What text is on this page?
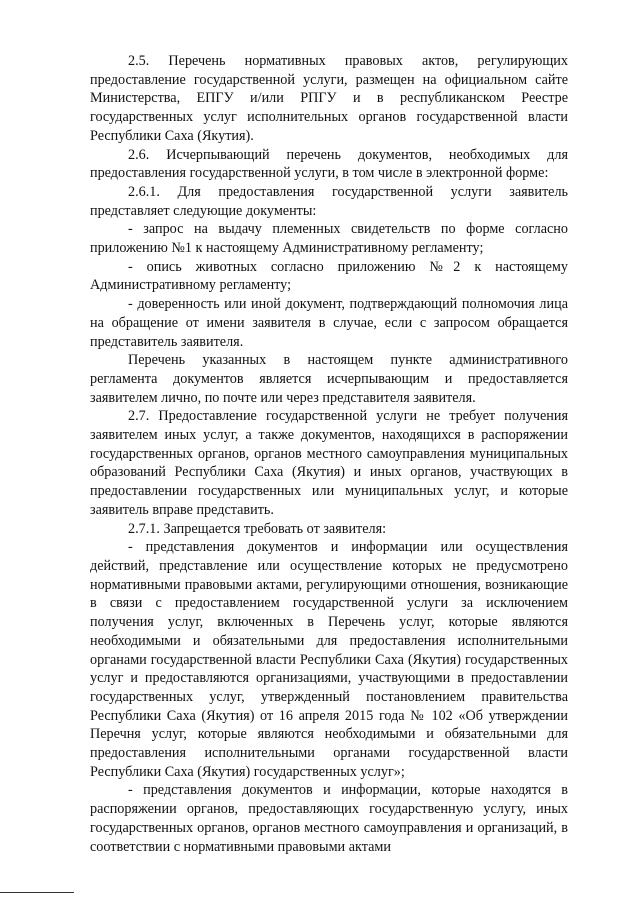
2.5. Перечень нормативных правовых актов, регулирующих предоставление государственной услуги, размещен на официальном сайте Министерства, ЕПГУ и/или РПГУ и в республиканском Реестре государственных услуг исполнительных органов государственной власти Республики Саха (Якутия).

2.6. Исчерпывающий перечень документов, необходимых для предоставления государственной услуги, в том числе в электронной форме:

2.6.1. Для предоставления государственной услуги заявитель представляет следующие документы:

- запрос на выдачу племенных свидетельств по форме согласно приложению №1 к настоящему Административному регламенту;

- опись животных согласно приложению №2 к настоящему Административному регламенту;

- доверенность или иной документ, подтверждающий полномочия лица на обращение от имени заявителя в случае, если с запросом обращается представитель заявителя.

Перечень указанных в настоящем пункте административного регламента документов является исчерпывающим и предоставляется заявителем лично, по почте или через представителя заявителя.

2.7. Предоставление государственной услуги не требует получения заявителем иных услуг, а также документов, находящихся в распоряжении государственных органов, органов местного самоуправления муниципальных образований Республики Саха (Якутия) и иных органов, участвующих в предоставлении государственных или муниципальных услуг, и которые заявитель вправе представить.

2.7.1. Запрещается требовать от заявителя:

- представления документов и информации или осуществления действий, представление или осуществление которых не предусмотрено нормативными правовыми актами, регулирующими отношения, возникающие в связи с предоставлением государственной услуги за исключением получения услуг, включенных в Перечень услуг, которые являются необходимыми и обязательными для предоставления исполнительными органами государственной власти Республики Саха (Якутия) государственных услуг и предоставляются организациями, участвующими в предоставлении государственных услуг, утвержденный постановлением правительства Республики Саха (Якутия) от 16 апреля 2015 года № 102 «Об утверждении Перечня услуг, которые являются необходимыми и обязательными для предоставления исполнительными органами государственной власти Республики Саха (Якутия) государственных услуг»;

- представления документов и информации, которые находятся в распоряжении органов, предоставляющих государственную услугу, иных государственных органов, органов местного самоуправления и организаций, в соответствии с нормативными правовыми актами
